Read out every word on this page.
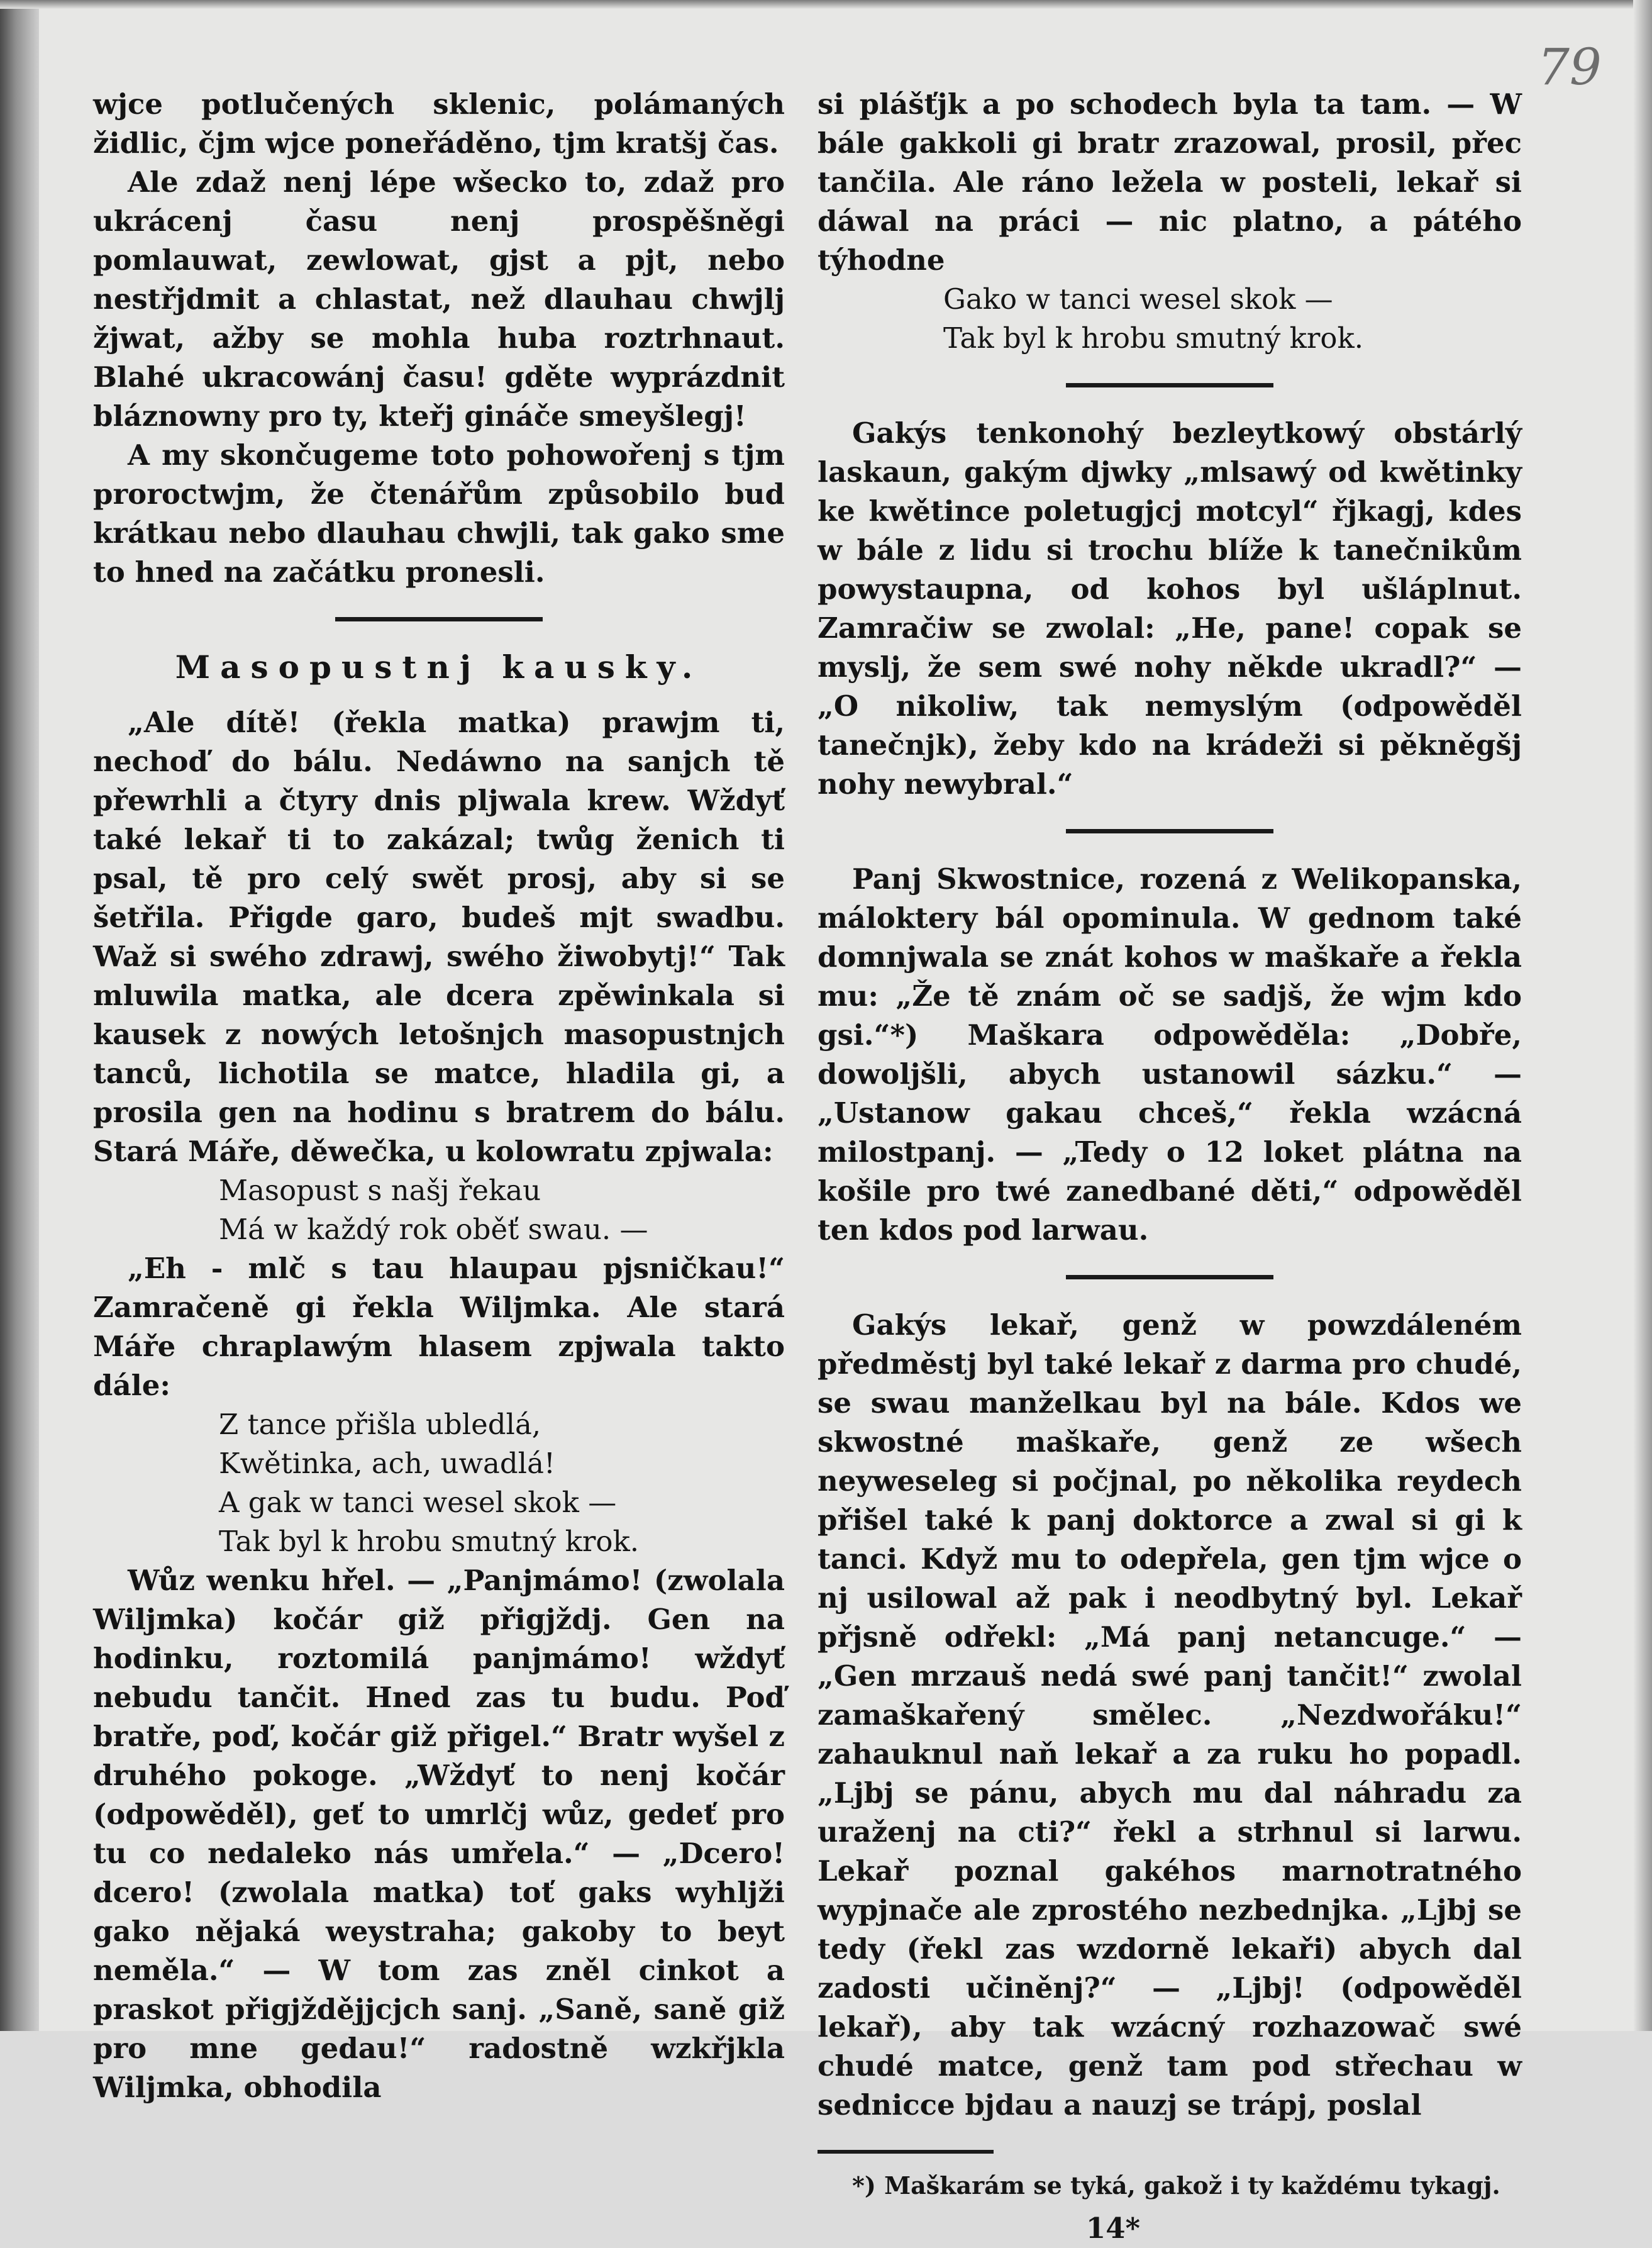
79

wjce potlučených sklenic, polámaných židlic, čjm wjce poneřáděno, tjm kratšj čas.

Ale zdaž nenj lépe wšecko to, zdaž pro ukrácenj času nenj prospěšněgi pomlauwat, zewlowat, gjst a pjt, nebo nestřjdmit a chlastat, než dlauhau chwjlj žjwat, ažby se mohla huba roztrhnaut. Blahé ukracowánj času! gděte wyprázdnit bláznowny pro ty, kteřj gináče smeyšlegj!

A my skončugeme toto pohowořenj s tjm proroctwjm, že čtenářům způsobilo bud krátkau nebo dlauhau chwjli, tak gako sme to hned na začátku pronesli.

Masopustnj kausky.

„Ale dítě! (řekla matka) prawjm ti, nechoď do bálu. Nedáwno na sanjch tě přewrhli a čtyry dnis pljwala krew. Wždyť také lekař ti to zakázal; twůg ženich ti psal, tě pro celý swět prosj, aby si se šetřila. Přigde garo, budeš mjt swadbu. Waž si swého zdrawj, swého žiwobytj!“ Tak mluwila matka, ale dcera zpěwinkala si kausek z nowých letošnjch masopustnjch tanců, lichotila se matce, hladila gi, a prosila gen na hodinu s bratrem do bálu. Stará Máře, děwečka, u kolowratu zpjwala:

Masopust s našj řekau
Má w každý rok oběť swau. —

„Eh - mlč s tau hlaupau pjsničkau!“ Zamračeně gi řekla Wiljmka. Ale stará Máře chraplawým hlasem zpjwala takto dále:

Z tance přišla ubledlá,
Kwětinka, ach, uwadlá!
A gak w tanci wesel skok —
Tak byl k hrobu smutný krok.

Wůz wenku hřel. — „Panjmámo! (zwolala Wiljmka) kočár giž přigjždj. Gen na hodinku, roztomilá panjmámo! wždyť nebudu tančit. Hned zas tu budu. Poď bratře, poď, kočár giž přigel.“ Bratr wyšel z druhého pokoge. „Wždyť to nenj kočár (odpowěděl), geť to umrlčj wůz, gedeť pro tu co nedaleko nás umřela.“ — „Dcero! dcero! (zwolala matka) toť gaks wyhljži gako nějaká weystraha; gakoby to beyt neměla.“ — W tom zas zněl cinkot a praskot přigjždějjcjch sanj. „Saně, saně giž pro mne gedau!“ radostně wzkřjkla Wiljmka, obhodila

si plášťjk a po schodech byla ta tam. — W bále gakkoli gi bratr zrazowal, prosil, přec tančila. Ale ráno ležela w posteli, lekař si dáwal na práci — nic platno, a pátého týhodne

Gako w tanci wesel skok —
Tak byl k hrobu smutný krok.

Gakýs tenkonohý bezleytkowý obstárlý laskaun, gakým djwky „mlsawý od kwětinky ke kwětince poletugjcj motcyl“ řjkagj, kdes w bále z lidu si trochu blíže k tanečnikům powystaupna, od kohos byl ušláplnut. Zamračiw se zwolal: „He, pane! copak se myslj, že sem swé nohy někde ukradl?“ — „O nikoliw, tak nemyslým (odpowěděl tanečnjk), žeby kdo na krádeži si pěkněgšj nohy newybral.“

Panj Skwostnice, rozená z Welikopanska, máloktery bál opominula. W gednom také domnjwala se znát kohos w maškaře a řekla mu: „Že tě znám oč se sadjš, že wjm kdo gsi.“*) Maškara odpowěděla: „Dobře, dowoljšli, abych ustanowil sázku.“ — „Ustanow gakau chceš,“ řekla wzácná milostpanj. — „Tedy o 12 loket plátna na košile pro twé zanedbané děti,“ odpowěděl ten kdos pod larwau.

Gakýs lekař, genž w powzdáleném předměstj byl také lekař z darma pro chudé, se swau manželkau byl na bále. Kdos we skwostné maškaře, genž ze wšech neyweseleg si počjnal, po několika reydech přišel také k panj doktorce a zwal si gi k tanci. Když mu to odepřela, gen tjm wjce o nj usilowal až pak i neodbytný byl. Lekař přjsně odřekl: „Má panj netancuge.“ — „Gen mrzauš nedá swé panj tančit!“ zwolal zamaškařený smělec. „Nezdwořáku!“ zahauknul naň lekař a za ruku ho popadl. „Ljbj se pánu, abych mu dal náhradu za uraženj na cti?“ řekl a strhnul si larwu. Lekař poznal gakéhos marnotratného wypjnače ale zprostého nezbednjka. „Ljbj se tedy (řekl zas wzdorně lekaři) abych dal zadosti učiněnj?“ — „Ljbj! (odpowěděl lekař), aby tak wzácný rozhazowač swé chudé matce, genž tam pod střechau w sednicce bjdau a nauzj se trápj, poslal

*) Maškarám se tyká, gakož i ty každému tykagj.

14*
